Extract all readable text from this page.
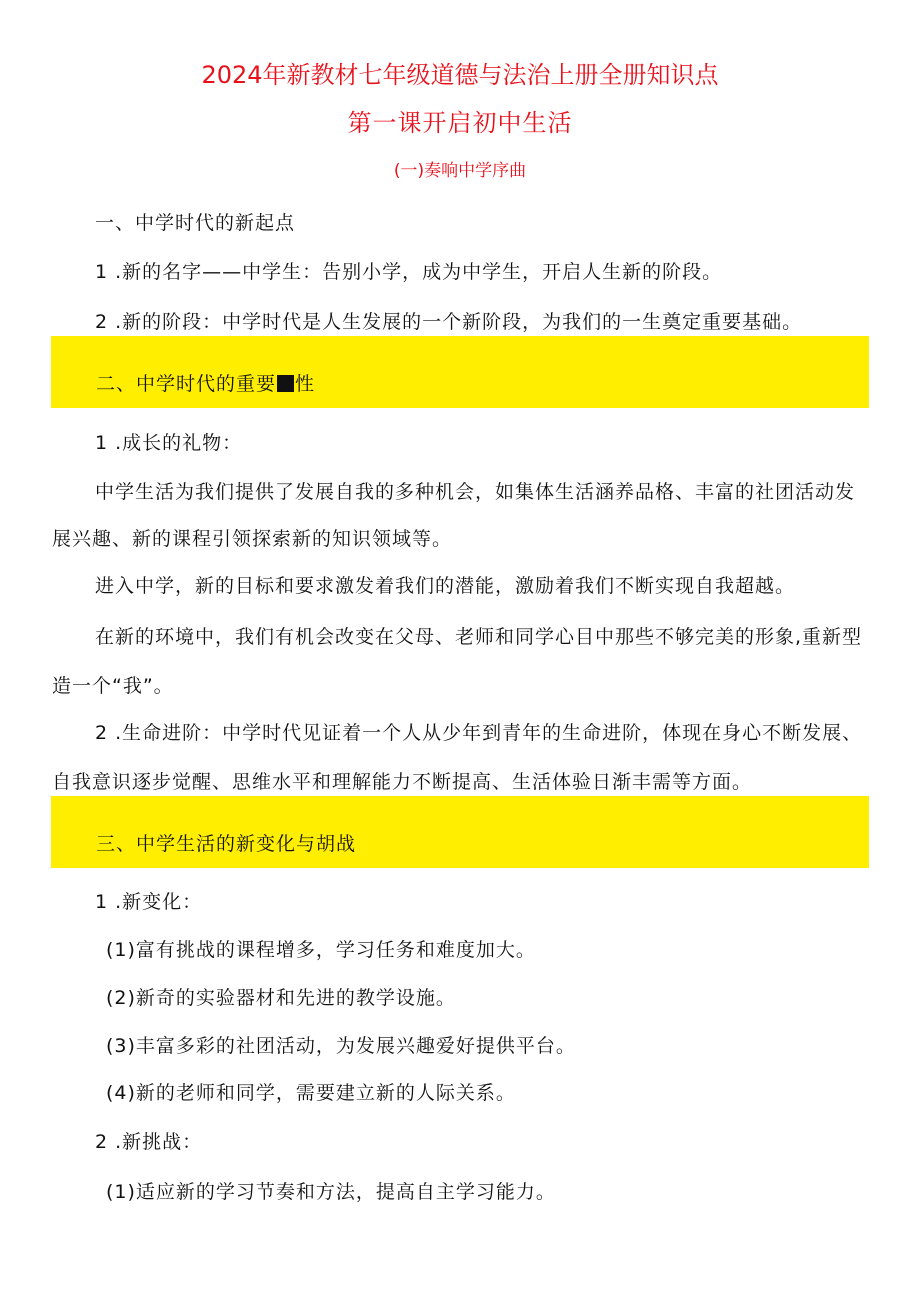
2024年新教材七年级道德与法治上册全册知识点
第一课开启初中生活
(一)奏响中学序曲
一、中学时代的新起点
1 .新的名字——中学生：告别小学，成为中学生，开启人生新的阶段。
2 .新的阶段：中学时代是人生发展的一个新阶段，为我们的一生奠定重要基础。
二、中学时代的重要 性
1 .成长的礼物：
中学生活为我们提供了发展自我的多种机会，如集体生活涵养品格、丰富的社团活动发
展兴趣、新的课程引领探索新的知识领域等。
进入中学，新的目标和要求激发着我们的潜能，激励着我们不断实现自我超越。
在新的环境中，我们有机会改变在父母、老师和同学心目中那些不够完美的形象,重新型
造一个“我”。
2 .生命进阶：中学时代见证着一个人从少年到青年的生命进阶，体现在身心不断发展、
自我意识逐步觉醒、思维水平和理解能力不断提高、生活体验日渐丰需等方面。
三、中学生活的新变化与胡战
1 .新变化：
(1)富有挑战的课程增多，学习任务和难度加大。
(2)新奇的实验器材和先进的教学设施。
(3)丰富多彩的社团活动，为发展兴趣爱好提供平台。
(4)新的老师和同学，需要建立新的人际关系。
2 .新挑战：
(1)适应新的学习节奏和方法，提高自主学习能力。
